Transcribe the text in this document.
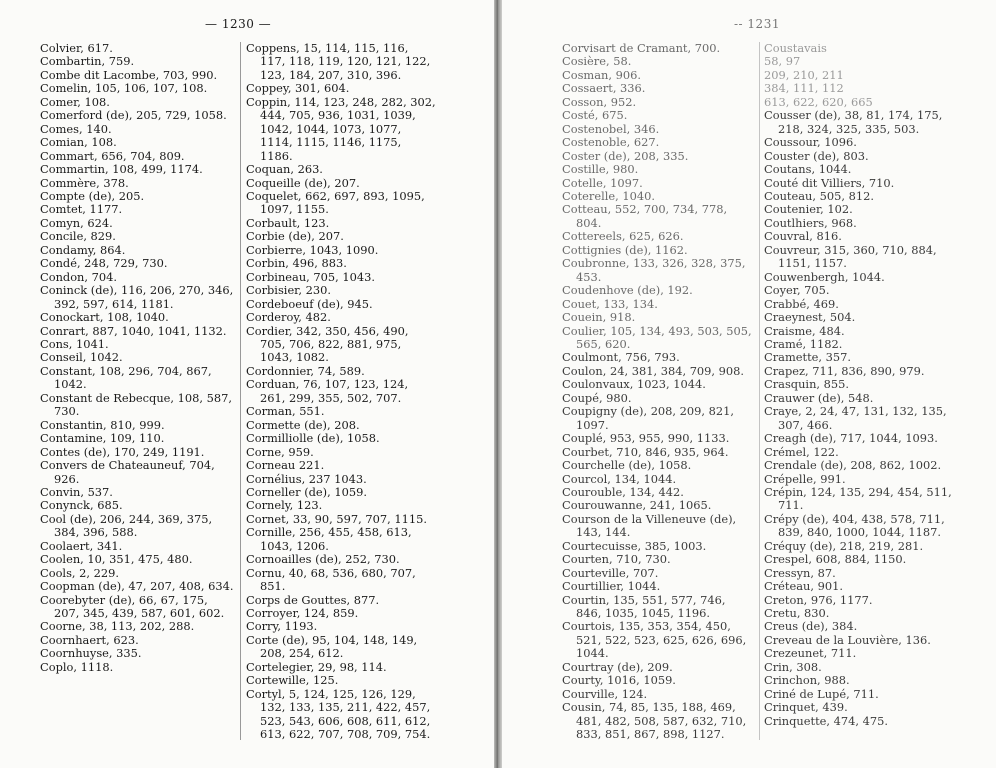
— 1230 —

Colvier, 617.

Combartin, 759.

Combe dit Lacombe, 703, 990.

Comelin, 105, 106, 107, 108.

Comer, 108.

Comerford (de), 205, 729, 1058.

Comes, 140.

Comian, 108.

Commart, 656, 704, 809.

Commartin, 108, 499, 1174.

Commère, 378.

Compte (de), 205.

Comtet, 1177.

Comyn, 624.

Concile, 829.

Condamy, 864.

Condé, 248, 729, 730.

Condon, 704.

Coninck (de), 116, 206, 270, 346, 392, 597, 614, 1181.

Conockart, 108, 1040.

Conrart, 887, 1040, 1041, 1132.

Cons, 1041.

Conseil, 1042.

Constant, 108, 296, 704, 867, 1042.

Constant de Rebecque, 108, 587, 730.

Constantin, 810, 999.

Contamine, 109, 110.

Contes (de), 170, 249, 1191.

Convers de Chateauneuf, 704, 926.

Convin, 537.

Conynck, 685.

Cool (de), 206, 244, 369, 375, 384, 396, 588.

Coolaert, 341.

Coolen, 10, 351, 475, 480.

Cools, 2, 229.

Coopman (de), 47, 207, 408, 634.

Coorebyter (de), 66, 67, 175, 207, 345, 439, 587, 601, 602.

Coorne, 38, 113, 202, 288.

Coornhaert, 623.

Coornhuyse, 335.

Coplo, 1118.

Coppens, 15, 114, 115, 116, 117, 118, 119, 120, 121, 122, 123, 184, 207, 310, 396.

Coppey, 301, 604.

Coppin, 114, 123, 248, 282, 302, 444, 705, 936, 1031, 1039, 1042, 1044, 1073, 1077, 1114, 1115, 1146, 1175, 1186.

Coquan, 263.

Coqueille (de), 207.

Coquelet, 662, 697, 893, 1095, 1097, 1155.

Corbault, 123.

Corbie (de), 207.

Corbierre, 1043, 1090.

Corbin, 496, 883.

Corbineau, 705, 1043.

Corbisier, 230.

Cordeboeuf (de), 945.

Corderoy, 482.

Cordier, 342, 350, 456, 490, 705, 706, 822, 881, 975, 1043, 1082.

Cordonnier, 74, 589.

Corduan, 76, 107, 123, 124, 261, 299, 355, 502, 707.

Corman, 551.

Cormette (de), 208.

Cormilliolle (de), 1058.

Corne, 959.

Corneau 221.

Cornélius, 237 1043.

Corneller (de), 1059.

Cornely, 123.

Cornet, 33, 90, 597, 707, 1115.

Cornille, 256, 455, 458, 613, 1043, 1206.

Cornoailles (de), 252, 730.

Cornu, 40, 68, 536, 680, 707, 851.

Corps de Gouttes, 877.

Corroyer, 124, 859.

Corry, 1193.

Corte (de), 95, 104, 148, 149, 208, 254, 612.

Cortelegier, 29, 98, 114.

Cortewille, 125.

Cortyl, 5, 124, 125, 126, 129, 132, 133, 135, 211, 422, 457, 523, 543, 606, 608, 611, 612, 613, 622, 707, 708, 709, 754.

-- 1231

Corvisart de Cramant, 700.

Cosière, 58.

Cosman, 906.

Cossaert, 336.

Cosson, 952.

Costé, 675.

Costenobel, 346.

Costenoble, 627.

Coster (de), 208, 335.

Costille, 980.

Cotelle, 1097.

Coterelle, 1040.

Cotteau, 552, 700, 734, 778, 804.

Cottereels, 625, 626.

Cottignies (de), 1162.

Coubronne, 133, 326, 328, 375, 453.

Coudenhove (de), 192.

Couet, 133, 134.

Couein, 918.

Coulier, 105, 134, 493, 503, 505, 565, 620.

Coulmont, 756, 793.

Coulon, 24, 381, 384, 709, 908.

Coulonvaux, 1023, 1044.

Coupé, 980.

Coupigny (de), 208, 209, 821, 1097.

Couplé, 953, 955, 990, 1133.

Courbet, 710, 846, 935, 964.

Courchelle (de), 1058.

Courcol, 134, 1044.

Courouble, 134, 442.

Courouwanne, 241, 1065.

Courson de la Villeneuve (de), 143, 144.

Courtecuisse, 385, 1003.

Courten, 710, 730.

Courteville, 707.

Courtillier, 1044.

Courtin, 135, 551, 577, 746, 846, 1035, 1045, 1196.

Courtois, 135, 353, 354, 450, 521, 522, 523, 625, 626, 696, 1044.

Courtray (de), 209.

Courty, 1016, 1059.

Courville, 124.

Cousin, 74, 85, 135, 188, 469, 481, 482, 508, 587, 632, 710, 833, 851, 867, 898, 1127.

Coustavais

58, 97

209, 210, 211

384, 111, 112

613, 622, 620, 665

Cousser (de), 38, 81, 174, 175, 218, 324, 325, 335, 503.

Coussour, 1096.

Couster (de), 803.

Coutans, 1044.

Couté dit Villiers, 710.

Couteau, 505, 812.

Coutenier, 102.

Coutlhiers, 968.

Couvral, 816.

Couvreur, 315, 360, 710, 884, 1151, 1157.

Couwenbergh, 1044.

Coyer, 705.

Crabbé, 469.

Craeynest, 504.

Craisme, 484.

Cramé, 1182.

Cramette, 357.

Crapez, 711, 836, 890, 979.

Crasquin, 855.

Crauwer (de), 548.

Craye, 2, 24, 47, 131, 132, 135, 307, 466.

Creagh (de), 717, 1044, 1093.

Crémel, 122.

Crendale (de), 208, 862, 1002.

Crépelle, 991.

Crépin, 124, 135, 294, 454, 511, 711.

Crépy (de), 404, 438, 578, 711, 839, 840, 1000, 1044, 1187.

Créquy (de), 218, 219, 281.

Crespel, 608, 884, 1150.

Cressyn, 87.

Créteau, 901.

Creton, 976, 1177.

Cretu, 830.

Creus (de), 384.

Creveau de la Louvière, 136.

Crezeunet, 711.

Crin, 308.

Crinchon, 988.

Criné de Lupé, 711.

Crinquet, 439.

Crinquette, 474, 475.
